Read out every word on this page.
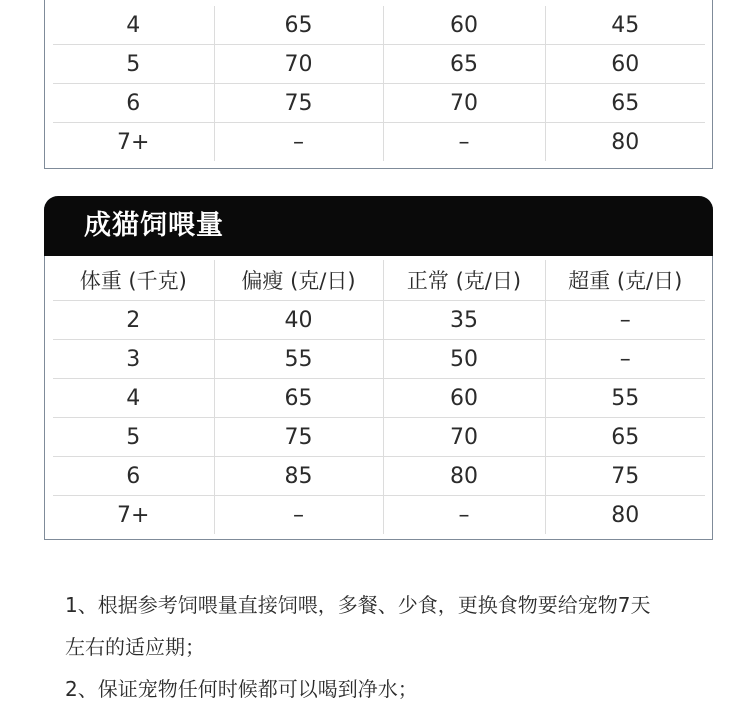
4	65	60	45
5	70	65	60
6	75	70	65
7+	–	–	80
成猫饲喂量
体重 (千克)	偏瘦 (克/日)	正常 (克/日)	超重 (克/日)
2	40	35	–
3	55	50	–
4	65	60	55
5	75	70	65
6	85	80	75
7+	–	–	80

1、根据参考饲喂量直接饲喂，多餐、少食，更换食物要给宠物7天

左右的适应期；

2、保证宠物任何时候都可以喝到净水；
